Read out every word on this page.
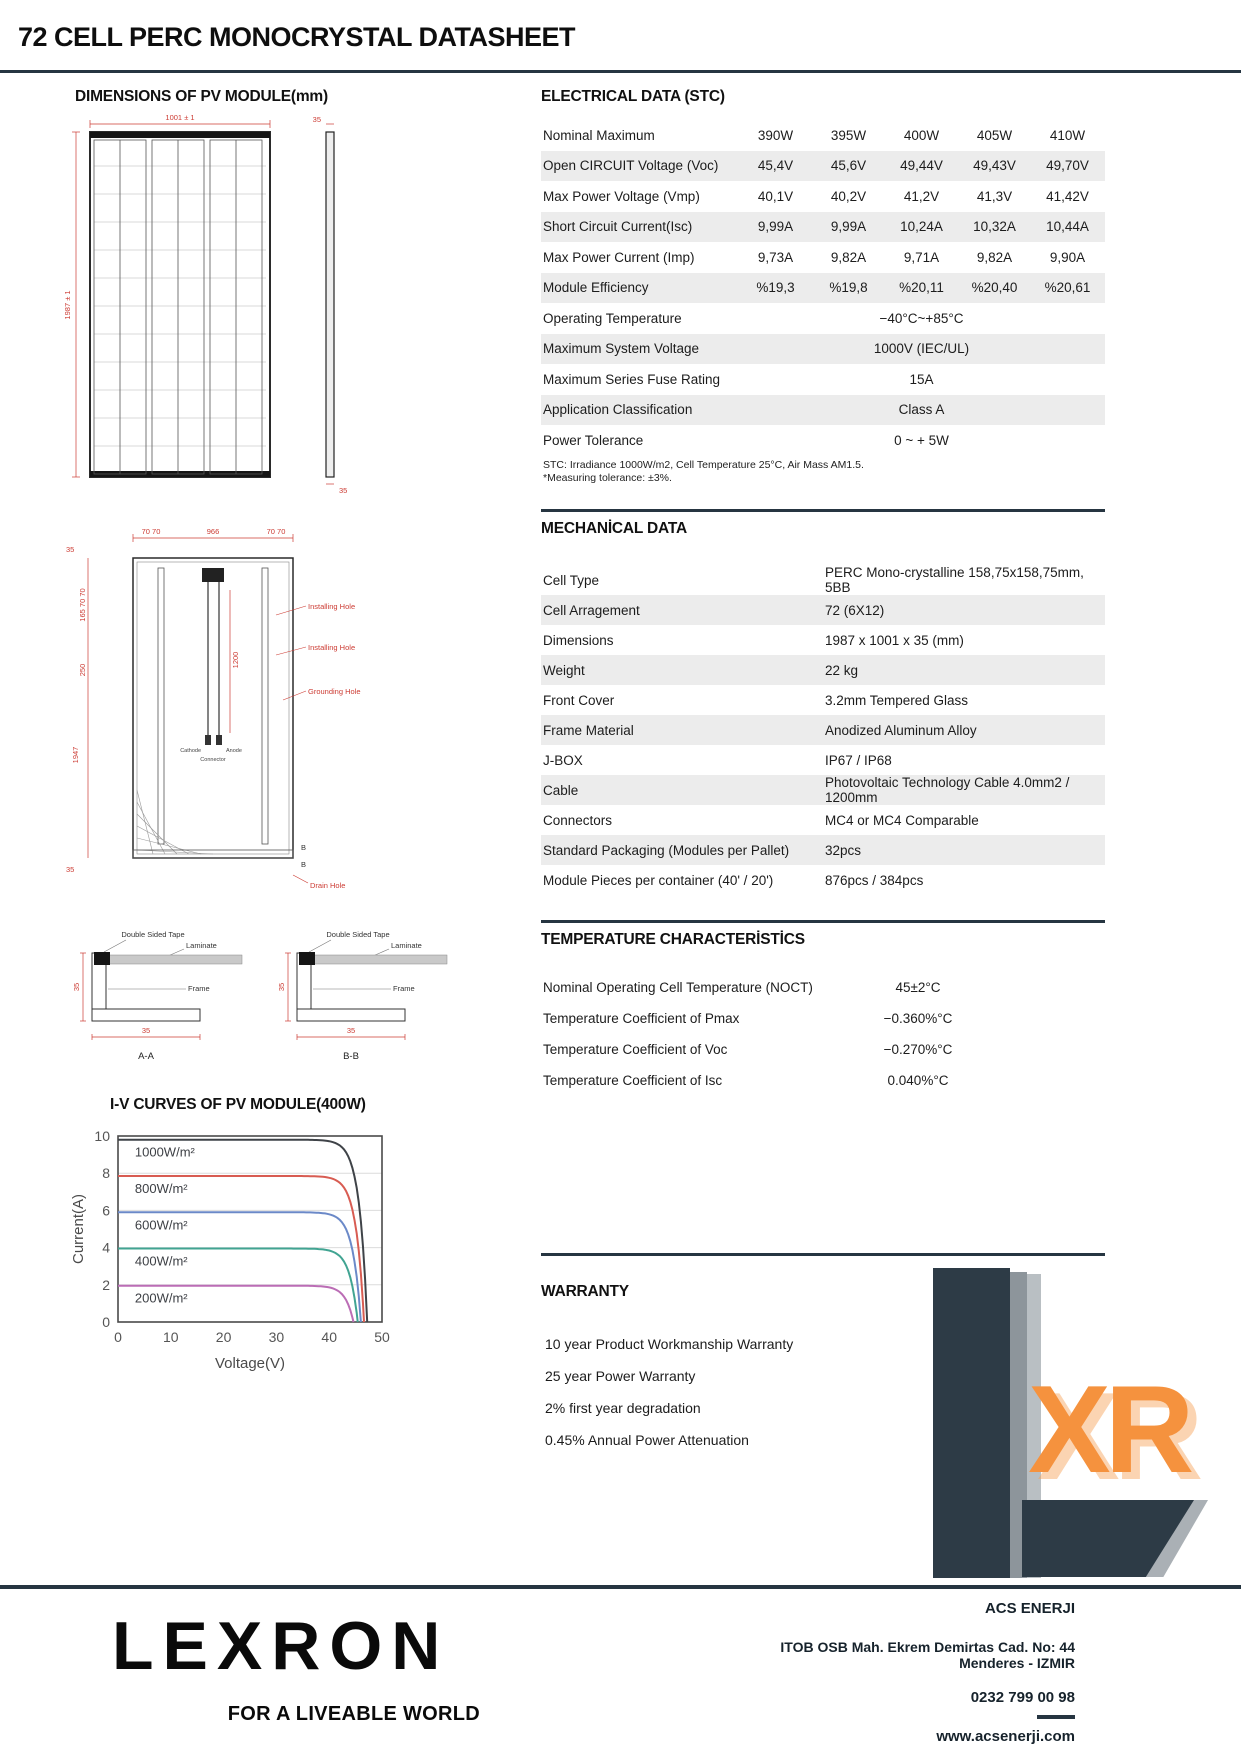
72 CELL PERC MONOCRYSTAL DATASHEET
DIMENSIONS OF PV MODULE(mm)
1001 ± 1
1987 ± 1
35
35
70 70	966	70 70
35
165 70 70
250
1947	Cathode	Anode
Connector
1200
Installing Hole
Installing Hole
Grounding Hole
B
B
35
Drain Hole
Double Sided Tape
Laminate
Frame
35
35
A-A
Double Sided Tape
Laminate
Frame
35
35
B-B
I-V CURVES OF PV MODULE(400W)
0	10	20	30	40	50
0
2
4
6
8
10
1000W/m²
800W/m²
600W/m²
400W/m²
200W/m²
Voltage(V)
Current(A)
ELECTRICAL DATA (STC)
Nominal Maximum	390W	395W	400W	405W	410W
Open CIRCUIT Voltage (Voc)	45,4V	45,6V	49,44V	49,43V	49,70V
Max Power Voltage (Vmp)	40,1V	40,2V	41,2V	41,3V	41,42V
Short Circuit Current(Isc)	9,99A	9,99A	10,24A	10,32A	10,44A
Max Power Current (Imp)	9,73A	9,82A	9,71A	9,82A	9,90A
Module Efficiency	%19,3	%19,8	%20,11	%20,40	%20,61
Operating Temperature	−40°C~+85°C
Maximum System Voltage	1000V (IEC/UL)
Maximum Series Fuse Rating	15A
Application Classification	Class A
Power Tolerance	0 ~ + 5W
STC: Irradiance 1000W/m2, Cell Temperature 25°C, Air Mass AM1.5.
*Measuring tolerance: ±3%.
MECHANİCAL DATA
Cell Type	PERC Mono-crystalline 158,75x158,75mm, 5BB
Cell Arragement	72 (6X12)
Dimensions	1987 x 1001 x 35 (mm)
Weight	22 kg
Front Cover	3.2mm Tempered Glass
Frame Material	Anodized Aluminum Alloy
J-BOX	IP67 / IP68
Cable	Photovoltaic Technology Cable 4.0mm2 / 1200mm
Connectors	MC4 or MC4 Comparable
Standard Packaging (Modules per Pallet)	32pcs
Module Pieces per container (40' / 20')	876pcs / 384pcs
TEMPERATURE CHARACTERİSTİCS
Nominal Operating Cell Temperature (NOCT)	45±2°C
Temperature Coefficient of Pmax	−0.360%°C
Temperature Coefficient of Voc	−0.270%°C
Temperature Coefficient of Isc	0.040%°C
WARRANTY
10 year Product Workmanship Warranty
25 year Power Warranty
2% first year degradation
0.45% Annual Power Attenuation	XR
LEXRON
FOR A LIVEABLE WORLD
ACS ENERJI
ITOB OSB Mah. Ekrem Demirtas Cad. No: 44
Menderes - IZMIR
0232 799 00 98
www.acsenerji.com
